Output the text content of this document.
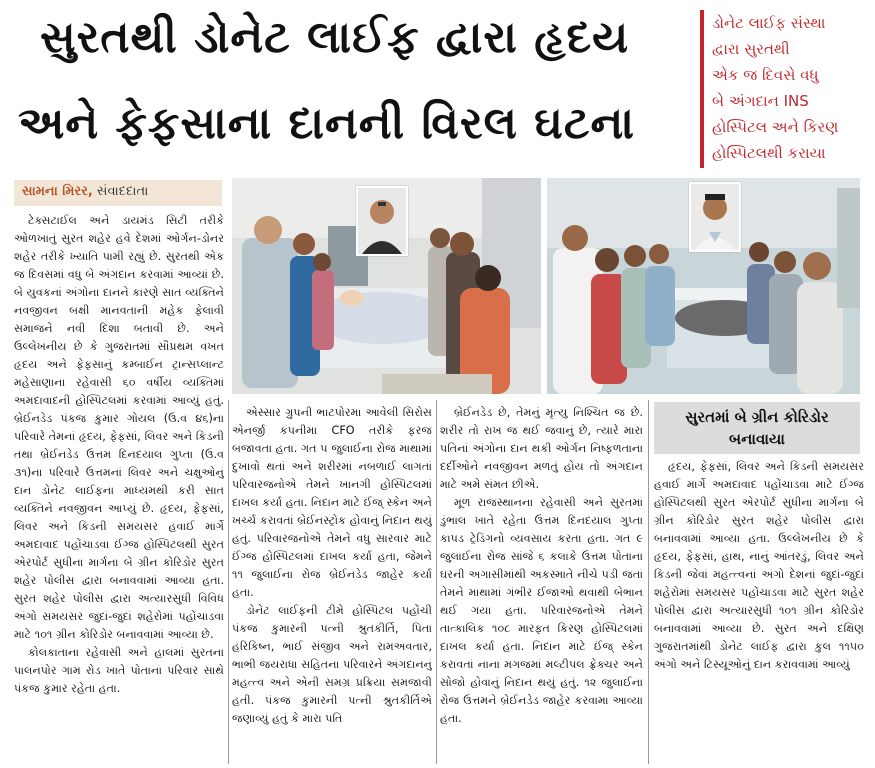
સુરતથી ડોનેટ લાઈફ દ્વારા હૃદય
અને ફેફસાના દાનની વિરલ ઘટના
ડોનેટ લાઈફ સંસ્થા
દ્વારા સુરતથી
એક જ દિવસે વધુ
બે અંગદાન INS
હોસ્પિટલ અને કિરણ
હોસ્પિટલથી કરાયા
સામના મિરર, સંવાદદાતા

ટેક્સટાઈલ અને ડાયમંડ સિટી તરીકે ઓળખાતું સુરત શહેર હવે દેશમાં ઓર્ગન-ડોનર શહેર તરીકે ખ્યાતિ પામી રહ્યું છે. સુરતથી એક જ દિવસમાં વધુ બે અંગદાન કરવામાં આવ્યાં છે. બે યુવકનાં અંગોના દાનને કારણે સાત વ્યક્તિને નવજીવન બક્ષી માનવતાની મહેક ફેલાવી સમાજને નવી દિશા બતાવી છે. અને ઉલ્લેખનીય છે કે ગુજરાતમાં સૌપ્રથમ વખત હૃદય અને ફેફસાનું કમ્બાઈન ટ્રાન્સપ્લાન્ટ મહેસાણાના રહેવાસી ૬૦ વર્ષીય વ્યક્તિમાં અમદાવાદની હોસ્પિટલમાં કરવામાં આવ્યું હતું. બ્રેઈનડેડ પંકજ કુમાર ગોયલ (ઉ.વ ૪૬)ના પરિવારે તેમનાં હૃદય, ફેફસાં, લિવર અને કિડની તથા બ્રેઈનડેડ ઉત્તમ દિનદયાલ ગુપ્તા (ઉ.વ ૩૧)ના પરિવારે ઉત્તમનાં લિવર અને ચક્ષુઓનું દાન ડોનેટ લાઈફના માધ્યમથી કરી સાત વ્યક્તિને નવજીવન આપ્યું છે. હૃદય, ફેફસાં, લિવર અને કિડની સમયસર હવાઈ માર્ગે અમદાવાદ પહોંચાડવા ઈંગ્જ હોસ્પિટલથી સુરત એરપોર્ટ સુધીના માર્ગના બે ગ્રીન કોરિડોર સુરત શહેર પોલીસ દ્વારા બનાવવામાં આવ્યા હતા. સુરત શહેર પોલીસ દ્વારા અત્યારસુધી વિવિધ અંગો સમયસર જુદાં-જુદાં શહેરોમાં પહોંચાડવા માટે ૧૦૧ ગ્રીન કોરિડોર બનાવવામાં આવ્યા છે.

કોલકાતાના રહેવાસી અને હાલમાં સુરતના પાલનપોર ગામ રોડ ખાતે પોતાના પરિવાર સાથે પંકજ કુમાર રહેતા હતા.

એસ્સાર ગ્રુપની ભાટપોરમા આવેલી સિરોસ એનર્જી કંપનીમા CFO તરીકે ફરજ બજાવતા હતા. ગત ૫ જુલાઈના રોજ માથામાં દુખાવો થતાં અને શરીરમાં નબળાઈ લાગતાં પરિવારજનોએ તેમને ખાનગી હોસ્પિટલમાં દાખલ કર્યા હતા. નિદાન માટે ઈંજ્ સ્કેન અને ખર્ચ્ચ કરાવતાં બ્રેઈનસ્ટ્રોક હોવાનું નિદાન થયું હતું. પરિવારજનોએ તેમને વધુ સારવાર માટે ઈંગ્જ હોસ્પિટલમાં દાખલ કર્યા હતા, જેમને ૧૧ જુલાઈના રોજ બ્રેઈનડેડ જાહેર કર્યા હતા.

ડોનેટ લાઈફની ટીમે હોસ્પિટલ પહોંચી પંકજ કુમારની પત્ની શ્રુતકીર્તિ, પિતા હરિકિષ્ન, ભાઈ સંજીવ અને રામઅવતાર, ભાભી જયરાધા સહિતના પરિવારને અંગદાનનું મહત્ત્વ અને એની સમગ્ર પ્રક્રિયા સમજાવી હતી. પંકજ કુમારની પત્ની શ્રુતકીર્તિએ જણાવ્યું હતું કે મારા પતિ

બ્રેઈનડેડ છે, તેમનું મૃત્યુ નિશ્ચિત જ છે. શરીર તો રાખ જ થઈ જવાનું છે, ત્યારે મારા પતિનાં અંગોના દાન થકી ઓર્ગન નિષ્ફળતાના દર્દીઓને નવજીવન મળતું હોય તો અંગદાન માટે અમે સંમત છીએ.

મૂળ રાજસ્થાનના રહેવાસી અને સુરતમાં ડુંભાલ ખાતે રહેતા ઉત્તમ દિનદયાલ ગુપ્તા કાપડ ટ્રેડિંગનો વ્યવસાય કરતા હતા. ગત ૯ જુલાઈના રોજ સાંજે ૬ કલાકે ઉત્તમ પોતાના ઘરની અગાસીમાંથી અકસ્માતે નીચે પડી જતાં તેમને માથામાં ગંભીર ઈજાઓ થવાથી બેભાન થઈ ગયા હતા. પરિવારજનોએ તેમને તાત્કાલિક ૧૦૮ મારફત કિરણ હોસ્પિટલમાં દાખલ કર્યા હતા. નિદાન માટે ઈંજ્ સ્કેન કરાવતાં નાના મગજમાં મલ્ટીપલ ફ્રેક્ચર અને સોજો હોવાનું નિદાન થયું હતું. ૧૨ જુલાઈના રોજ ઉત્તમને બ્રેઈનડેડ જાહેર કરવામા આવ્યા હતા.

સુરતમાં બે ગ્રીન કોરિડોર બનાવાયા

હૃદય, ફેફસાં, લિવર અને કિડની સમયસર હવાઈ માર્ગે અમદાવાદ પહોંચાડવા માટે ઈંગ્જ હોસ્પિટલથી સુરત એરપોર્ટ સુધીના માર્ગના બે ગ્રીન કોરિડોર સુરત શહેર પોલીસ દ્વારા બનાવવામાં આવ્યા હતા. ઉલ્લેખનીય છે કે હૃદય, ફેફસાં, હાથ, નાનું આંતરડું, લિવર અને કિડની જેવાં મહત્ત્વનાં અંગો દેશનાં જુદાં-જુદાં શહેરોમાં સમયસર પહોંચાડવા માટે સુરત શહેર પોલીસ દ્વારા અત્યારસુધી ૧૦૧ ગ્રીન કોરિડોર બનાવવામાં આવ્યા છે. સુરત અને દક્ષિણ ગુજરાતમાંથી ડોનેટ લાઈફ દ્વારા કુલ ૧૧૫૦ અંગો અને ટિસ્યૂઓનું દાન કરાવવામાં આવ્યું
